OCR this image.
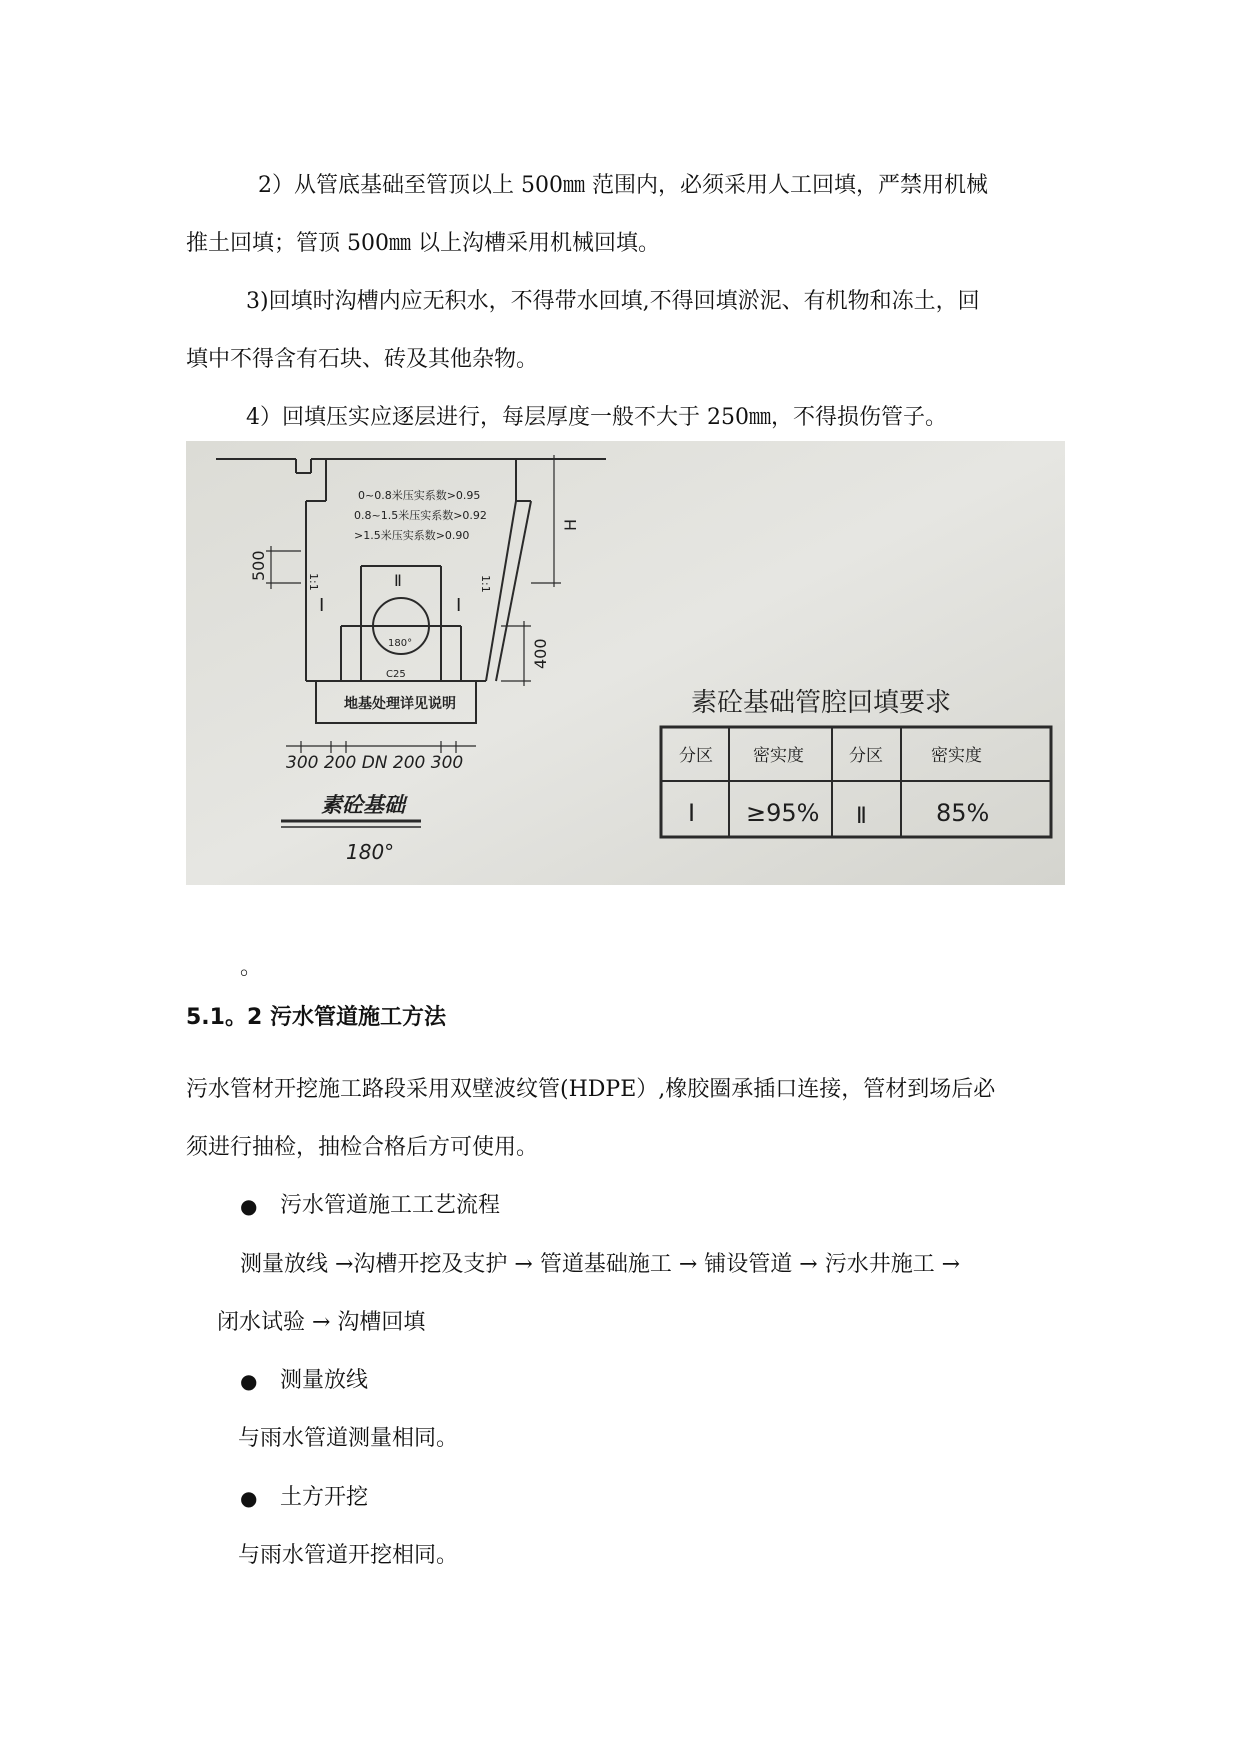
2）从管底基础至管顶以上 500㎜ 范围内，必须采用人工回填，严禁用机械

推土回填；管顶 500㎜ 以上沟槽采用机械回填。

3)回填时沟槽内应无积水，不得带水回填,不得回填淤泥、有机物和冻土，回

填中不得含有石块、砖及其他杂物。

4）回填压实应逐层进行，每层厚度一般不大于 250㎜，不得损伤管子。

0~0.8米压实系数>0.95
0.8~1.5米压实系数>0.92
>1.5米压实系数>0.90
I	I
Ⅱ
1:1	1:1
500
400
H
180°
C25
地基处理详见说明
300 200 DN 200 300
素砼基础
180°
素砼基础管腔回填要求
分区 密实度	分区	密实度
I ≥95% Ⅱ	85%

。

5.1。2 污水管道施工方法

污水管材开挖施工路段采用双壁波纹管(HDPE）,橡胶圈承插口连接，管材到场后必

须进行抽检，抽检合格后方可使用。

● 污水管道施工工艺流程

测量放线 →沟槽开挖及支护 → 管道基础施工 → 铺设管道 → 污水井施工 →

闭水试验 → 沟槽回填

● 测量放线

与雨水管道测量相同。

● 土方开挖

与雨水管道开挖相同。
